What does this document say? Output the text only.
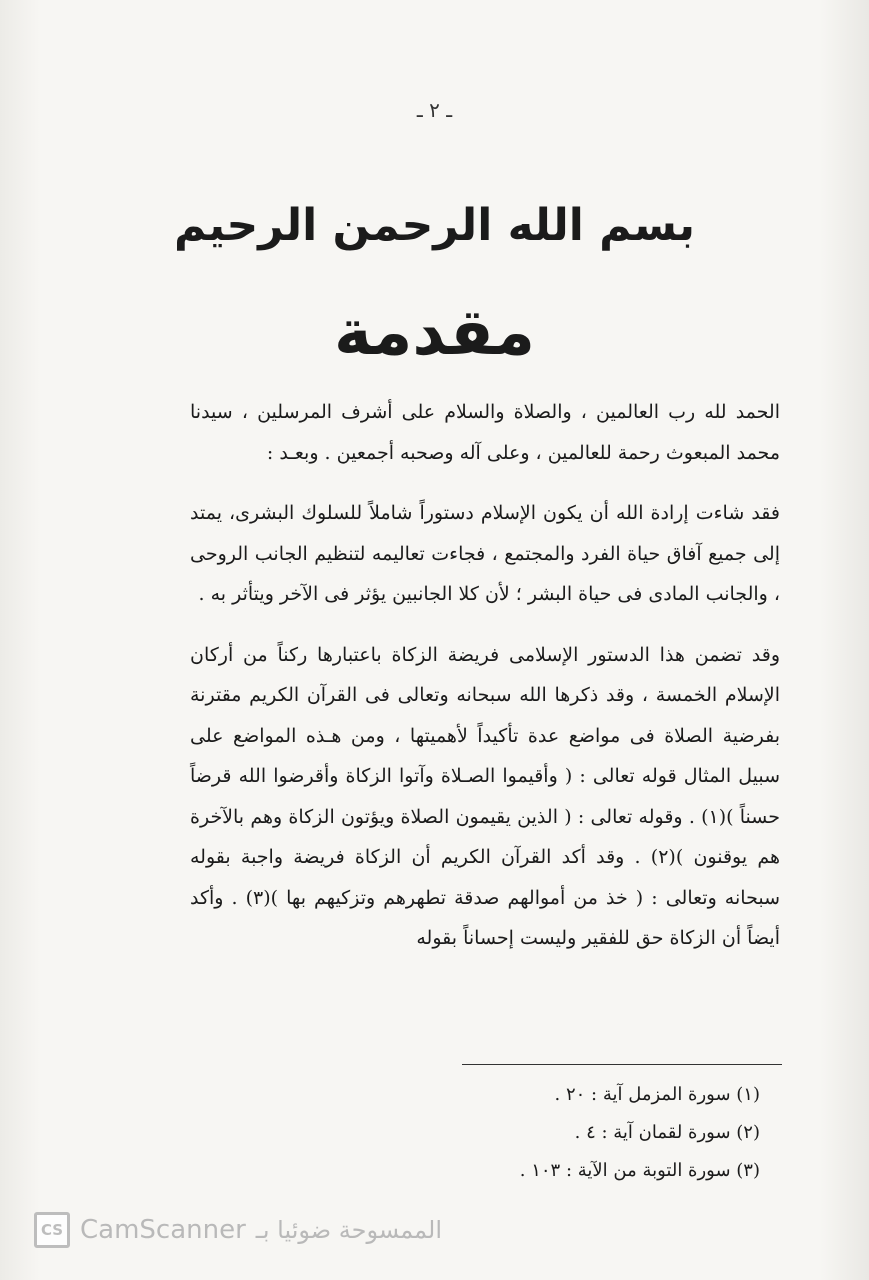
ـ ٢ ـ
بسم الله الرحمن الرحيم
مقدمة

الحمد لله رب العالمين ، والصلاة والسلام على أشرف المرسلين ، سيدنا محمد المبعوث رحمة للعالمين ، وعلى آله وصحبه أجمعين . وبعـد :

فقد شاءت إرادة الله أن يكون الإسلام دستوراً شاملاً للسلوك البشرى، يمتد إلى جميع آفاق حياة الفرد والمجتمع ، فجاءت تعاليمه لتنظيم الجانب الروحى ، والجانب المادى فى حياة البشر ؛ لأن كلا الجانبين يؤثر فى الآخر ويتأثر به .

وقد تضمن هذا الدستور الإسلامى فريضة الزكاة باعتبارها ركناً من أركان الإسلام الخمسة ، وقد ذكرها الله سبحانه وتعالى فى القرآن الكريم مقترنة بفرضية الصلاة فى مواضع عدة تأكيداً لأهميتها ، ومن هـذه المواضع على سبيل المثال قوله تعالى : ( وأقيموا الصـلاة وآتوا الزكاة وأقرضوا الله قرضاً حسناً )(١) . وقوله تعالى : ( الذين يقيمون الصلاة ويؤتون الزكاة وهم بالآخرة هم يوقنون )(٢) . وقد أكد القرآن الكريم أن الزكاة فريضة واجبة بقوله سبحانه وتعالى : ( خذ من أموالهم صدقة تطهرهم وتزكيهم بها )(٣) . وأكد أيضاً أن الزكاة حق للفقير وليست إحساناً بقوله

(١) سورة المزمل آية : ٢٠ .
(٢) سورة لقمان آية : ٤ .
(٣) سورة التوبة من الآية : ١٠٣ .
CS CamScanner الممسوحة ضوئيا بـ
